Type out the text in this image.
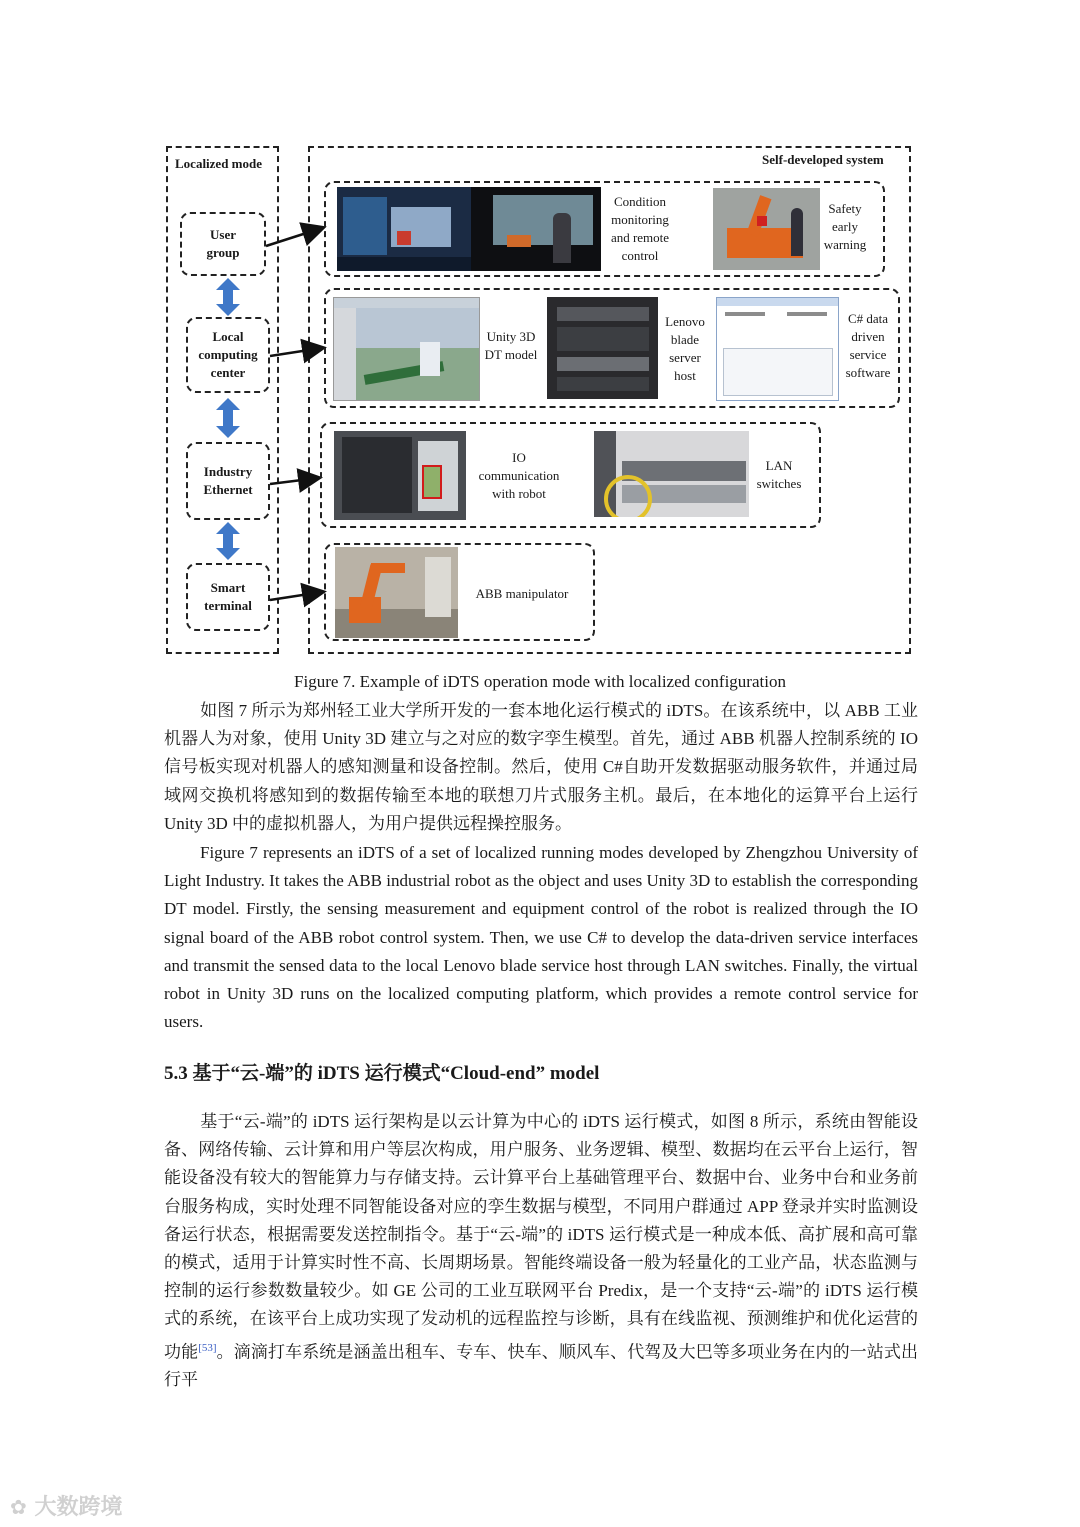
Localized mode	Self-developed system
User
group
Local
computing
center
Industry
Ethernet
Smart
terminal
Condition
monitoring
and remote
control
Safety
early
warning
Unity 3D
DT model
Lenovo
blade
server
host
C# data
driven
service
software
IO
communication
with robot
LAN
switches
ABB manipulator
Figure 7. Example of iDTS operation mode with localized configuration
如图 7 所示为郑州轻工业大学所开发的一套本地化运行模式的 iDTS。在该系统中，以 ABB 工业机器人为对象，使用 Unity 3D 建立与之对应的数字孪生模型。首先，通过 ABB 机器人控制系统的 IO 信号板实现对机器人的感知测量和设备控制。然后，使用 C#自助开发数据驱动服务软件，并通过局域网交换机将感知到的数据传输至本地的联想刀片式服务主机。最后，在本地化的运算平台上运行 Unity 3D 中的虚拟机器人，为用户提供远程操控服务。
Figure 7 represents an iDTS of a set of localized running modes developed by Zhengzhou University of Light Industry. It takes the ABB industrial robot as the object and uses Unity 3D to establish the corresponding DT model. Firstly, the sensing measurement and equipment control of the robot is realized through the IO signal board of the ABB robot control system. Then, we use C# to develop the data-driven service interfaces and transmit the sensed data to the local Lenovo blade service host through LAN switches. Finally, the virtual robot in Unity 3D runs on the localized computing platform, which provides a remote control service for users.
5.3 基于“云-端”的 iDTS 运行模式“Cloud-end” model
基于“云-端”的 iDTS 运行架构是以云计算为中心的 iDTS 运行模式，如图 8 所示，系统由智能设备、网络传输、云计算和用户等层次构成，用户服务、业务逻辑、模型、数据均在云平台上运行，智能设备没有较大的智能算力与存储支持。云计算平台上基础管理平台、数据中台、业务中台和业务前台服务构成，实时处理不同智能设备对应的孪生数据与模型，不同用户群通过 APP 登录并实时监测设备运行状态，根据需要发送控制指令。基于“云-端”的 iDTS 运行模式是一种成本低、高扩展和高可靠的模式，适用于计算实时性不高、长周期场景。智能终端设备一般为轻量化的工业产品，状态监测与控制的运行参数数量较少。如 GE 公司的工业互联网平台 Predix，是一个支持“云-端”的 iDTS 运行模式的系统，在该平台上成功实现了发动机的远程监控与诊断，具有在线监视、预测维护和优化运营的功能[53]。滴滴打车系统是涵盖出租车、专车、快车、顺风车、代驾及大巴等多项业务在内的一站式出行平
✿ 大数跨境
